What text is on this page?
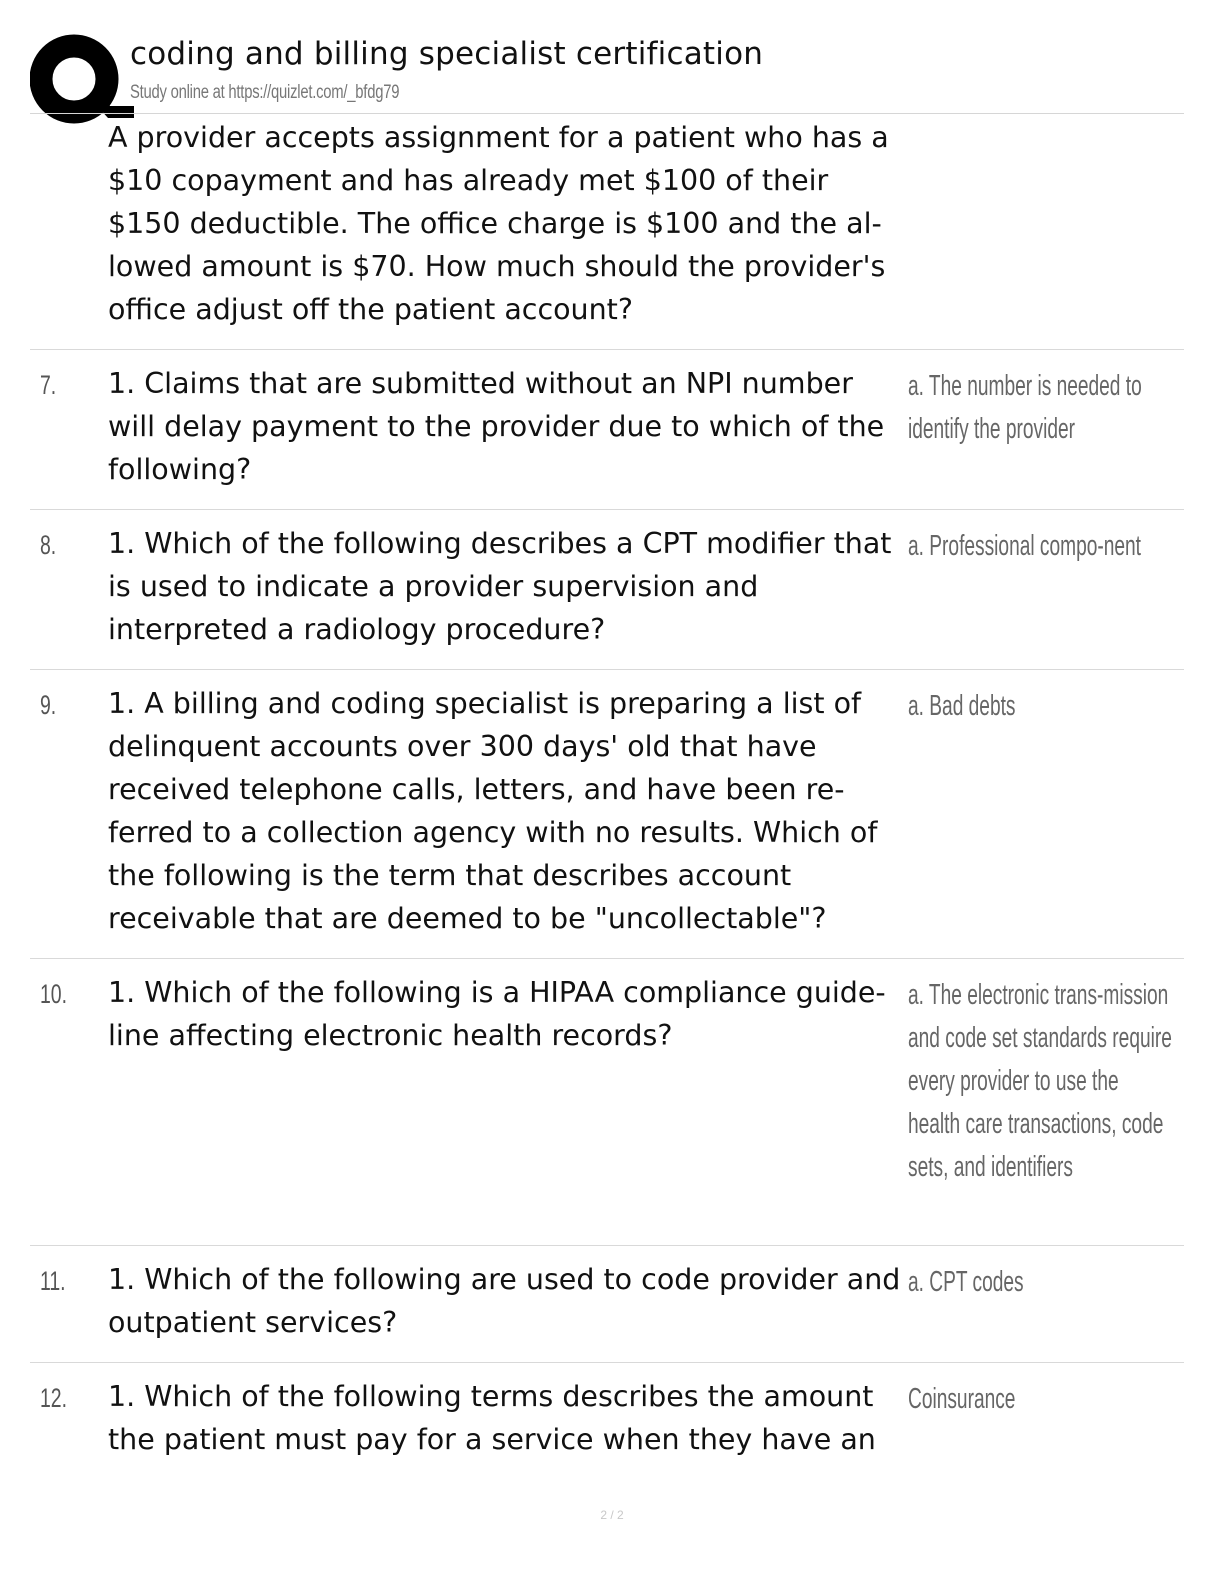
coding and billing specialist certification
Study online at https://quizlet.com/_bfdg79
A provider accepts assignment for a patient who has a $10 copayment and has already met $100 of their $150 deductible. The office charge is $100 and the al-lowed amount is $70. How much should the provider's office adjust off the patient account?
7. 1. Claims that are submitted without an NPI number will delay payment to the provider due to which of the following?
a. The number is needed to identify the provider
8. 1. Which of the following describes a CPT modifier that is used to indicate a provider supervision and interpreted a radiology procedure?
a. Professional compo-nent
9. 1. A billing and coding specialist is preparing a list of delinquent accounts over 300 days' old that have received telephone calls, letters, and have been re-ferred to a collection agency with no results. Which of the following is the term that describes account receivable that are deemed to be "uncollectable"?
a. Bad debts
10. 1. Which of the following is a HIPAA compliance guide-line affecting electronic health records?
a. The electronic trans-mission and code set standards require every provider to use the health care transactions, code sets, and identifiers
11. 1. Which of the following are used to code provider and outpatient services?
a. CPT codes
12. 1. Which of the following terms describes the amount the patient must pay for a service when they have an
Coinsurance
2 / 2
